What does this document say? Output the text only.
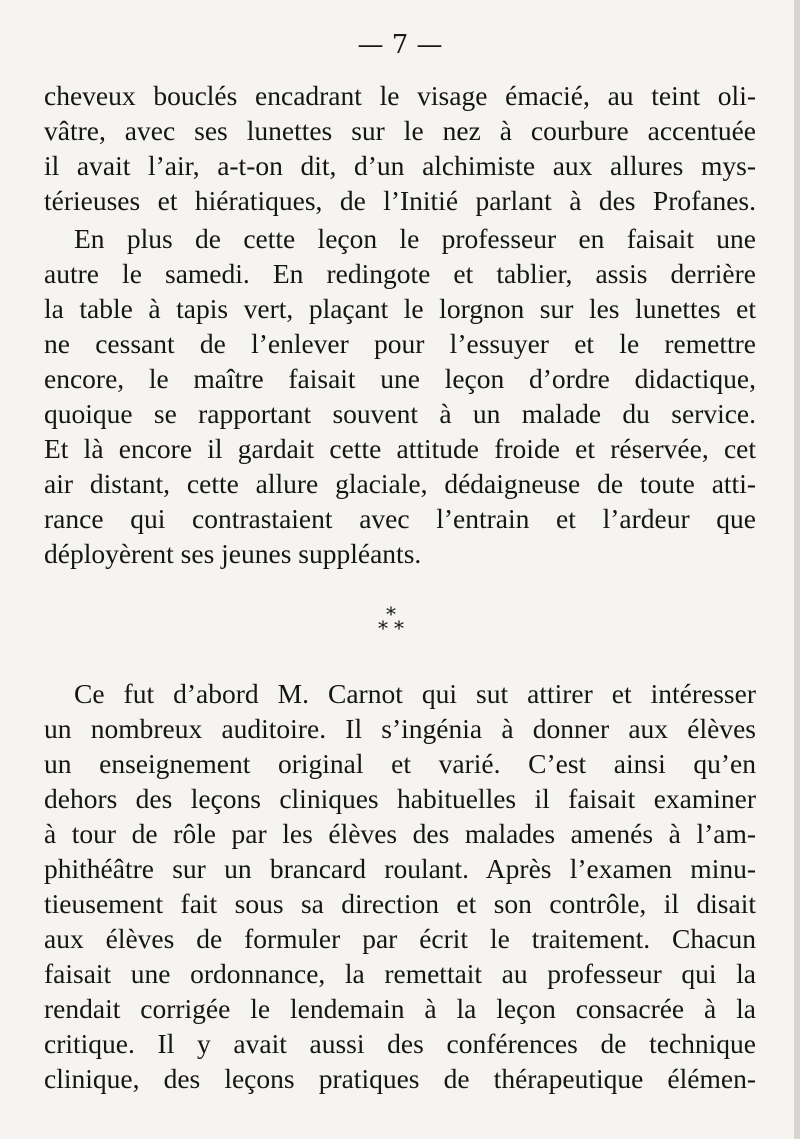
— 7 —
cheveux bouclés encadrant le visage émacié, au teint oli-
vâtre, avec ses lunettes sur le nez à courbure accentuée
il avait l’air, a-t-on dit, d’un alchimiste aux allures mys-
térieuses et hiératiques, de l’Initié parlant à des Profanes.
En plus de cette leçon le professeur en faisait une
autre le samedi. En redingote et tablier, assis derrière
la table à tapis vert, plaçant le lorgnon sur les lunettes et
ne cessant de l’enlever pour l’essuyer et le remettre
encore, le maître faisait une leçon d’ordre didactique,
quoique se rapportant souvent à un malade du service.
Et là encore il gardait cette attitude froide et réservée, cet
air distant, cette allure glaciale, dédaigneuse de toute atti-
rance qui contrastaient avec l’entrain et l’ardeur que
déployèrent ses jeunes suppléants.
*
* *
Ce fut d’abord M. Carnot qui sut attirer et intéresser
un nombreux auditoire. Il s’ingénia à donner aux élèves
un enseignement original et varié. C’est ainsi qu’en
dehors des leçons cliniques habituelles il faisait examiner
à tour de rôle par les élèves des malades amenés à l’am-
phithéâtre sur un brancard roulant. Après l’examen minu-
tieusement fait sous sa direction et son contrôle, il disait
aux élèves de formuler par écrit le traitement. Chacun
faisait une ordonnance, la remettait au professeur qui la
rendait corrigée le lendemain à la leçon consacrée à la
critique. Il y avait aussi des conférences de technique
clinique, des leçons pratiques de thérapeutique élémen-
